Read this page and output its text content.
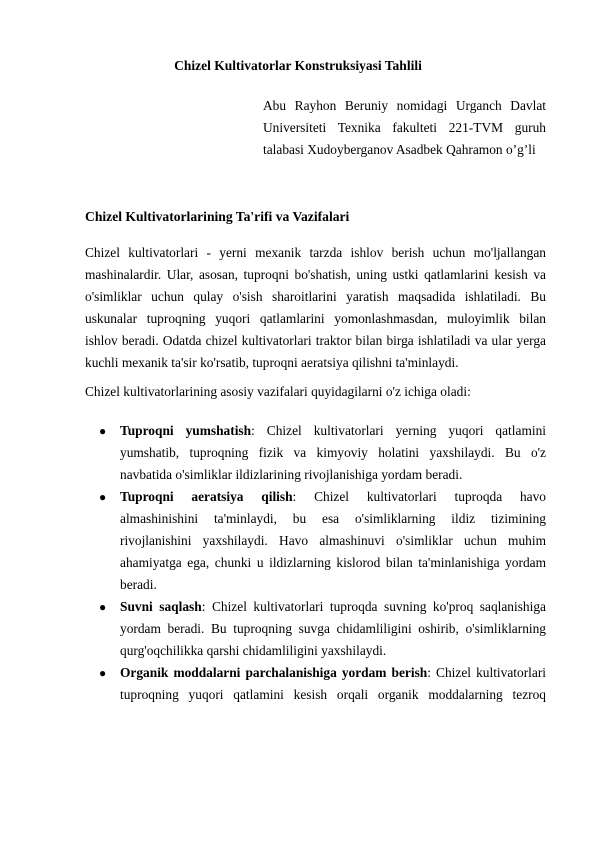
Chizel Kultivatorlar Konstruksiyasi Tahlili
Abu Rayhon Beruniy nomidagi Urganch Davlat
Universiteti Texnika fakulteti 221-TVM guruh
talabasi Xudoyberganov Asadbek Qahramon o’g’li
Chizel Kultivatorlarining Ta'rifi va Vazifalari
Chizel kultivatorlari - yerni mexanik tarzda ishlov berish uchun mo'ljallangan
mashinalardir. Ular, asosan, tuproqni bo'shatish, uning ustki qatlamlarini kesish va
o'simliklar uchun qulay o'sish sharoitlarini yaratish maqsadida ishlatiladi. Bu
uskunalar tuproqning yuqori qatlamlarini yomonlashmasdan, muloyimlik bilan
ishlov beradi. Odatda chizel kultivatorlari traktor bilan birga ishlatiladi va ular yerga
kuchli mexanik ta'sir ko'rsatib, tuproqni aeratsiya qilishni ta'minlaydi.
Chizel kultivatorlarining asosiy vazifalari quyidagilarni o'z ichiga oladi:
● Tuproqni yumshatish: Chizel kultivatorlari yerning yuqori qatlamini
yumshatib, tuproqning fizik va kimyoviy holatini yaxshilaydi. Bu o'z
navbatida o'simliklar ildizlarining rivojlanishiga yordam beradi.
● Tuproqni aeratsiya qilish: Chizel kultivatorlari tuproqda havo
almashinishini ta'minlaydi, bu esa o'simliklarning ildiz tizimining
rivojlanishini yaxshilaydi. Havo almashinuvi o'simliklar uchun muhim
ahamiyatga ega, chunki u ildizlarning kislorod bilan ta'minlanishiga yordam
beradi.
● Suvni saqlash: Chizel kultivatorlari tuproqda suvning ko'proq saqlanishiga
yordam beradi. Bu tuproqning suvga chidamliligini oshirib, o'simliklarning
qurg'oqchilikka qarshi chidamliligini yaxshilaydi.
● Organik moddalarni parchalanishiga yordam berish: Chizel kultivatorlari
tuproqning yuqori qatlamini kesish orqali organik moddalarning tezroq
